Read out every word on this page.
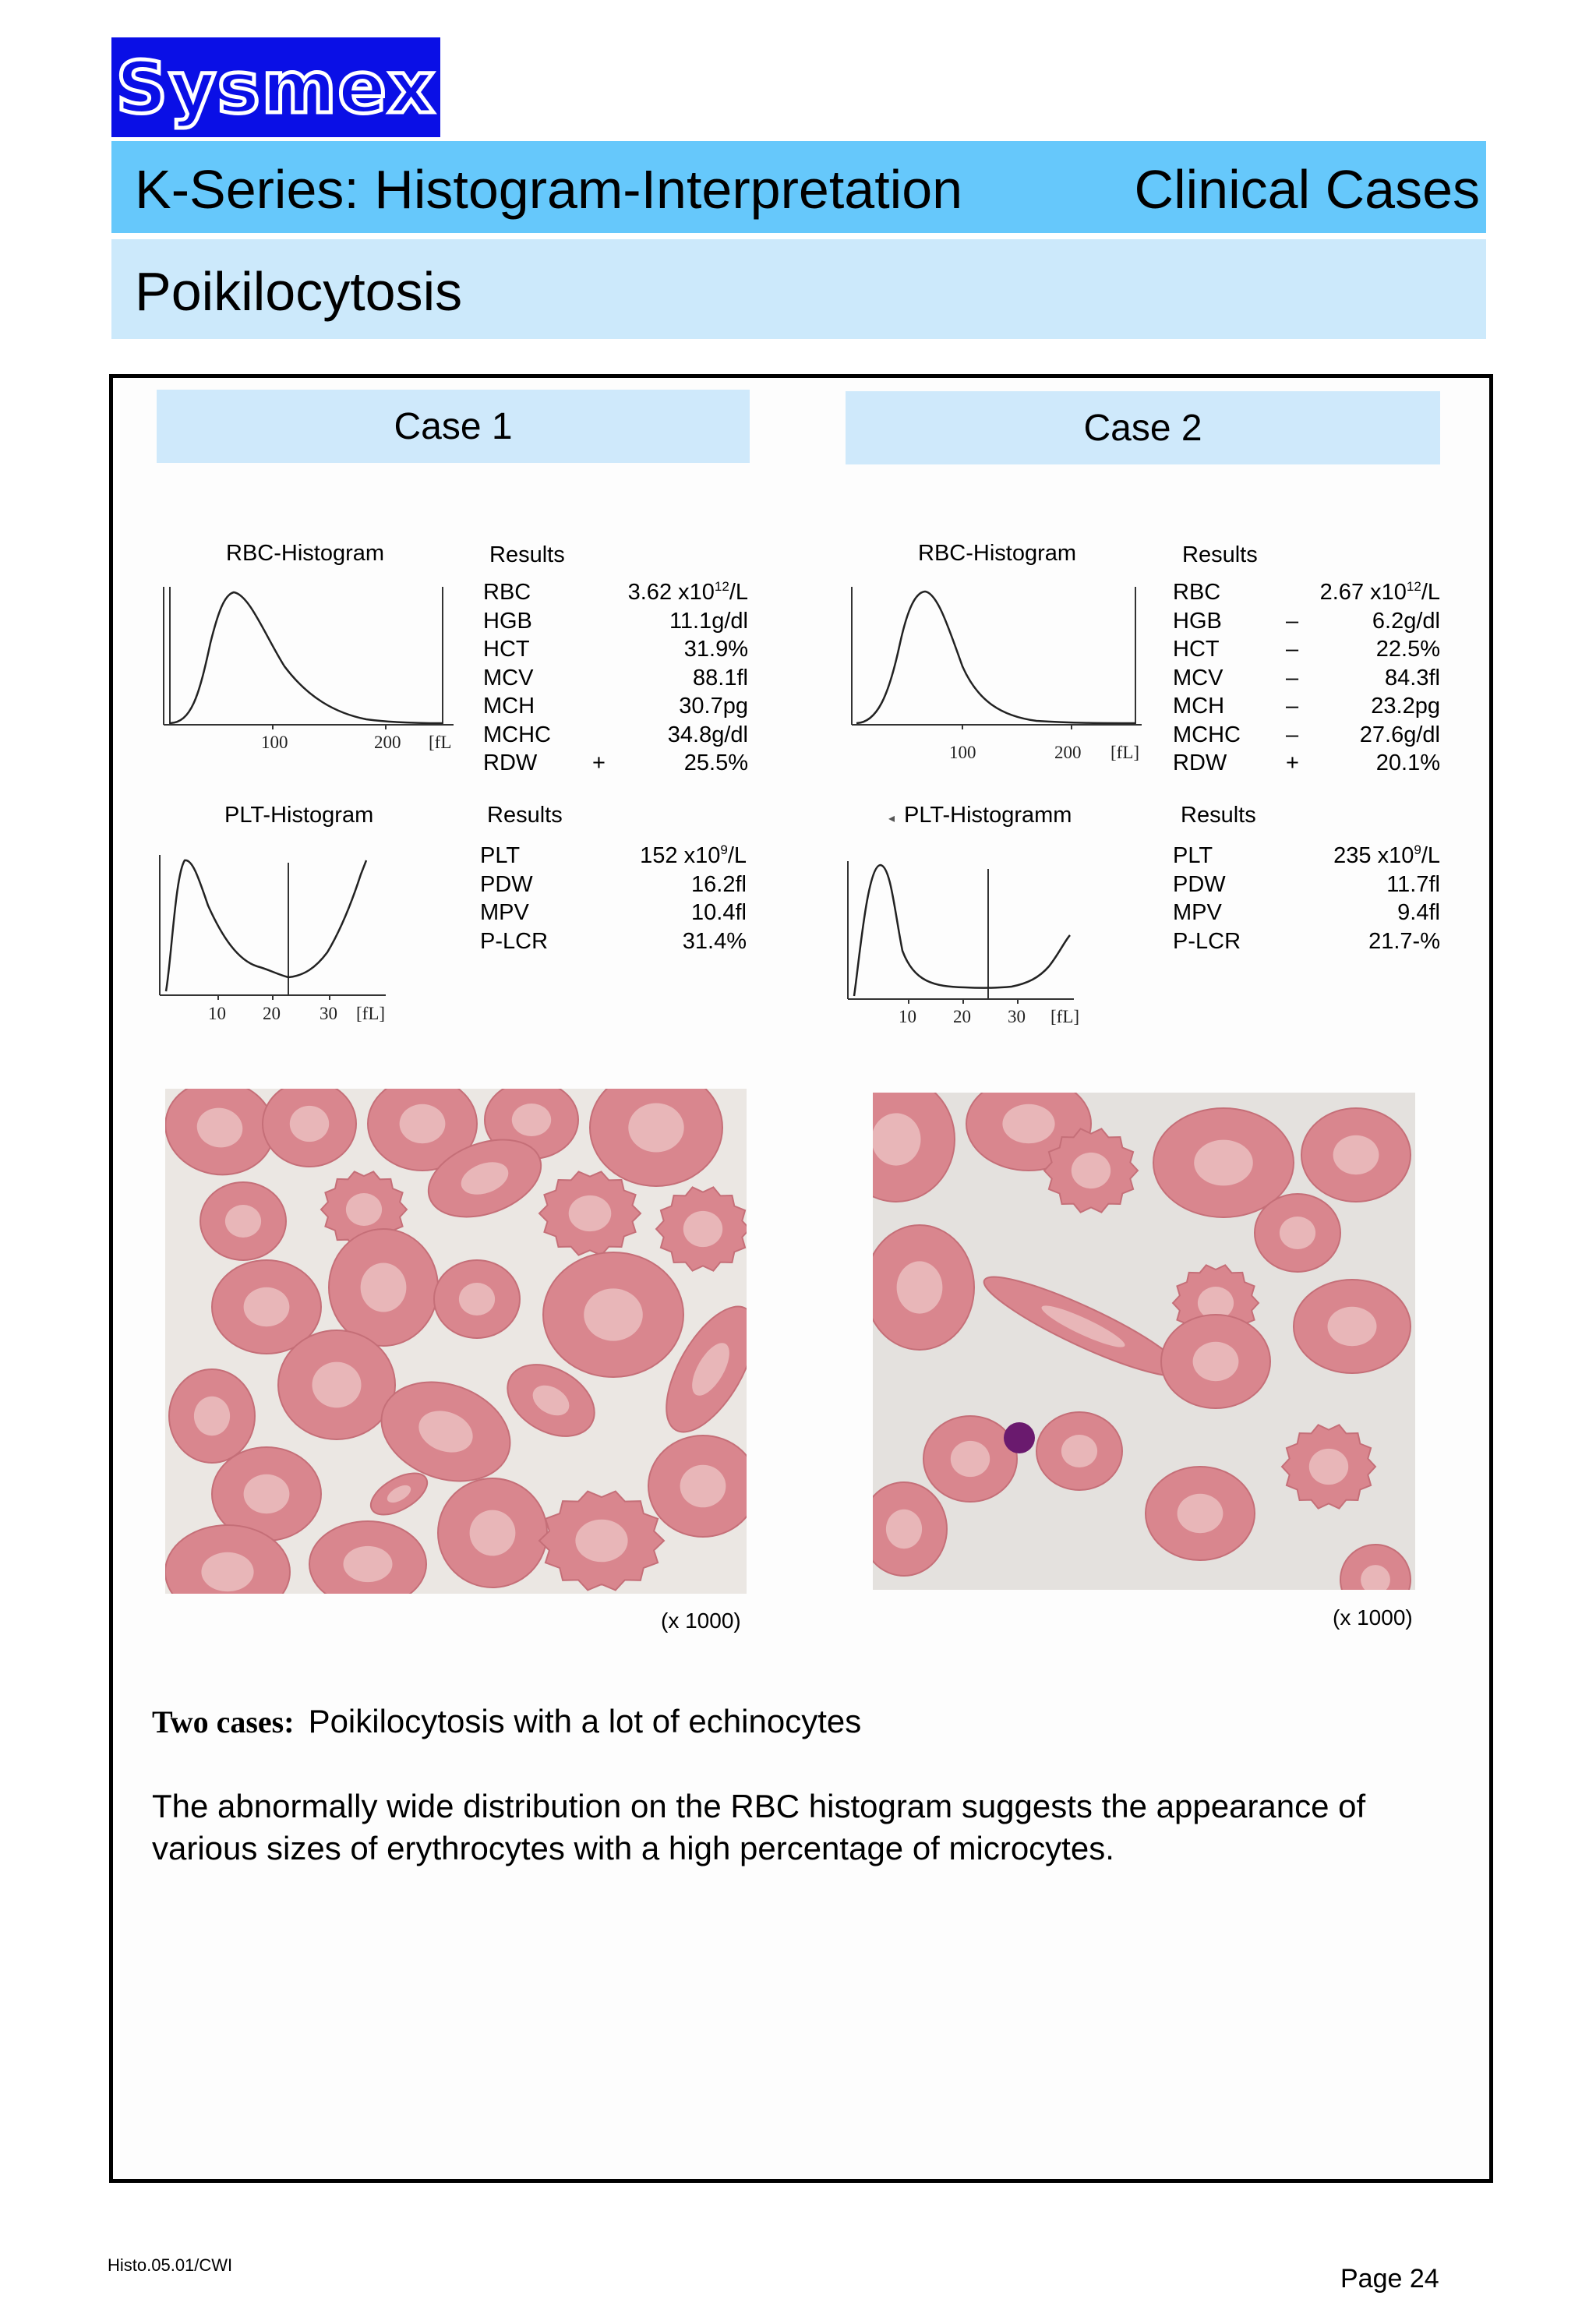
Sysmex
K-Series: Histogram-Interpretation	Clinical Cases
Poikilocytosis
Case 1	Case 2
RBC-Histogram	Results
100	200 [fL
RBC	3.62 $x10^{12}/L$
HGB	11.1g/dl
HCT	31.9%
MCV	88.1fl
MCH	30.7pg
MCHC	34.8g/dl
RDW +	25.5%
PLT-Histogram	Results
10 20 30 [fL]
PLT	152 $x10^9/L$
PDW	16.2fl
MPV	10.4fl
P-LCR	31.4%
(x 1000)
RBC-Histogram	Results
100	200 [fL]
RBC	2.67 $x10^{12}/L$
HGB	–	6.2g/dl
HCT	–	22.5%
MCV	–	84.3fl
MCH	–	23.2pg
MCHC –	27.6g/dl
RDW	+	20.1%
◂ PLT-Histogramm	Results
10 20 30 [fL]
PLT	235 $x10^9/L$
PDW	11.7fl
MPV	9.4fl
P-LCR	21.7-%
(x 1000)
Two cases: Poikilocytosis with a lot of echinocytes
The abnormally wide distribution on the RBC histogram suggests the appearance of various sizes of erythrocytes with a high percentage of microcytes.
Histo.05.01/CWI	Page 24
